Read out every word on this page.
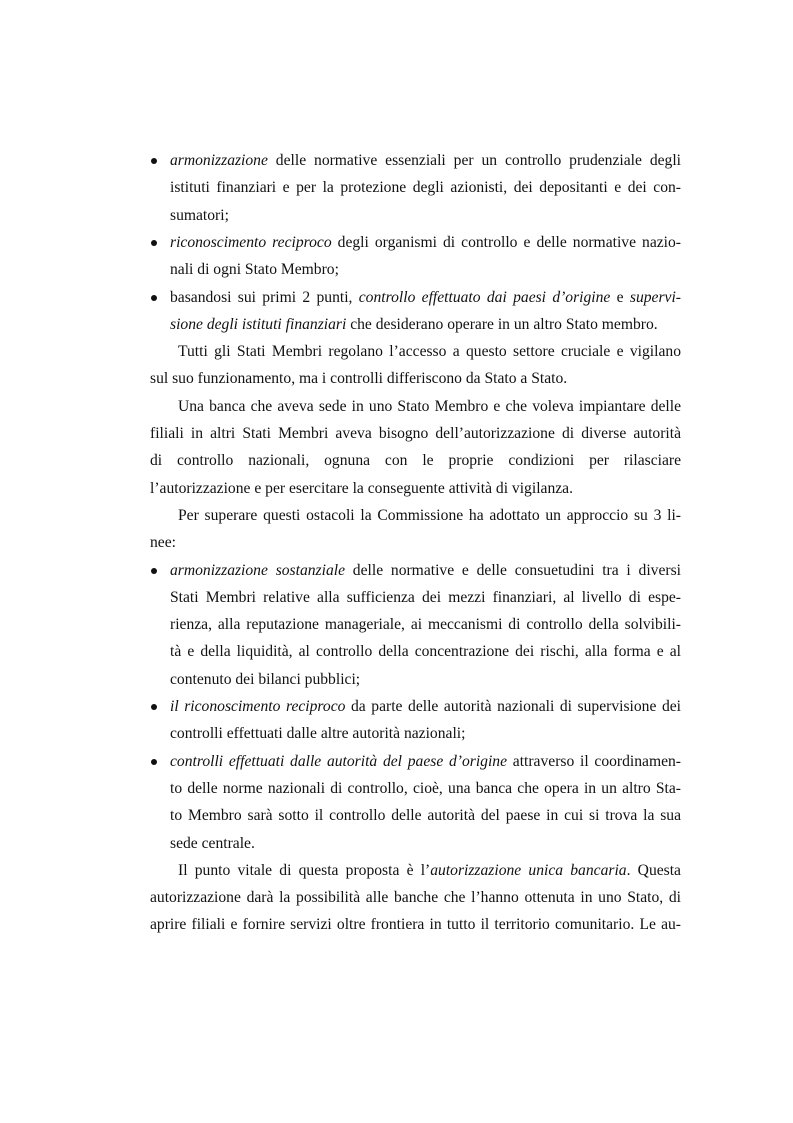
armonizzazione delle normative essenziali per un controllo prudenziale degli
istituti finanziari e per la protezione degli azionisti, dei depositanti e dei con-
sumatori;
riconoscimento reciproco degli organismi di controllo e delle normative nazio-
nali di ogni Stato Membro;
basandosi sui primi 2 punti, controllo effettuato dai paesi d’origine e supervi-
sione degli istituti finanziari che desiderano operare in un altro Stato membro.
Tutti gli Stati Membri regolano l’accesso a questo settore cruciale e vigilano
sul suo funzionamento, ma i controlli differiscono da Stato a Stato.
Una banca che aveva sede in uno Stato Membro e che voleva impiantare delle
filiali in altri Stati Membri aveva bisogno dell’autorizzazione di diverse autorità
di controllo nazionali, ognuna con le proprie condizioni per rilasciare
l’autorizzazione e per esercitare la conseguente attività di vigilanza.
Per superare questi ostacoli la Commissione ha adottato un approccio su 3 li-
nee:
armonizzazione sostanziale delle normative e delle consuetudini tra i diversi
Stati Membri relative alla sufficienza dei mezzi finanziari, al livello di espe-
rienza, alla reputazione manageriale, ai meccanismi di controllo della solvibili-
tà e della liquidità, al controllo della concentrazione dei rischi, alla forma e al
contenuto dei bilanci pubblici;
il riconoscimento reciproco da parte delle autorità nazionali di supervisione dei
controlli effettuati dalle altre autorità nazionali;
controlli effettuati dalle autorità del paese d’origine attraverso il coordinamen-
to delle norme nazionali di controllo, cioè, una banca che opera in un altro Sta-
to Membro sarà sotto il controllo delle autorità del paese in cui si trova la sua
sede centrale.
Il punto vitale di questa proposta è l’autorizzazione unica bancaria. Questa
autorizzazione darà la possibilità alle banche che l’hanno ottenuta in uno Stato, di
aprire filiali e fornire servizi oltre frontiera in tutto il territorio comunitario. Le au-
